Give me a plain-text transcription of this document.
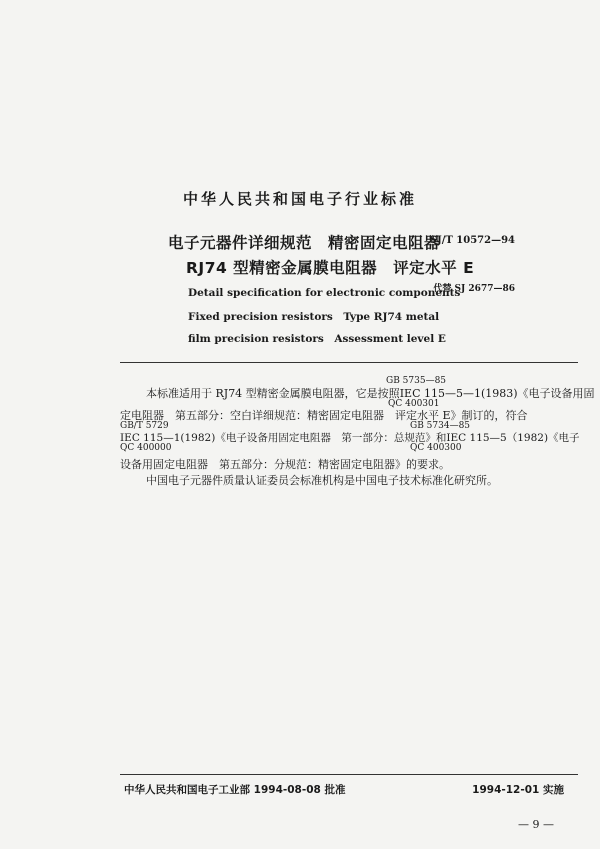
中华人民共和国电子行业标准
电子元器件详细规范　精密固定电阻器
RJ74 型精密金属膜电阻器　评定水平 E
SJ/T 10572—94
代替 SJ 2677—86
Detail specification for electronic components
Fixed precision resistors　Type RJ74 metal
film precision resistors　Assessment level E
GB 5735—85
本标准适用于 RJ74 型精密金属膜电阻器，它是按照IEC 115—5—1(1983)《电子设备用固
QC 400301
定电阻器　第五部分：空白详细规范：精密固定电阻器　评定水平 E》制订的，符合
GB/T 5729	GB 5734—85
IEC 115—1(1982)《电子设备用固定电阻器　第一部分：总规范》和IEC 115—5（1982)《电子
QC 400000	QC 400300
设备用固定电阻器　第五部分：分规范：精密固定电阻器》的要求。
中国电子元器件质量认证委员会标准机构是中国电子技术标准化研究所。
中华人民共和国电子工业部 1994-08-08 批准	1994-12-01 实施
— 9 —
